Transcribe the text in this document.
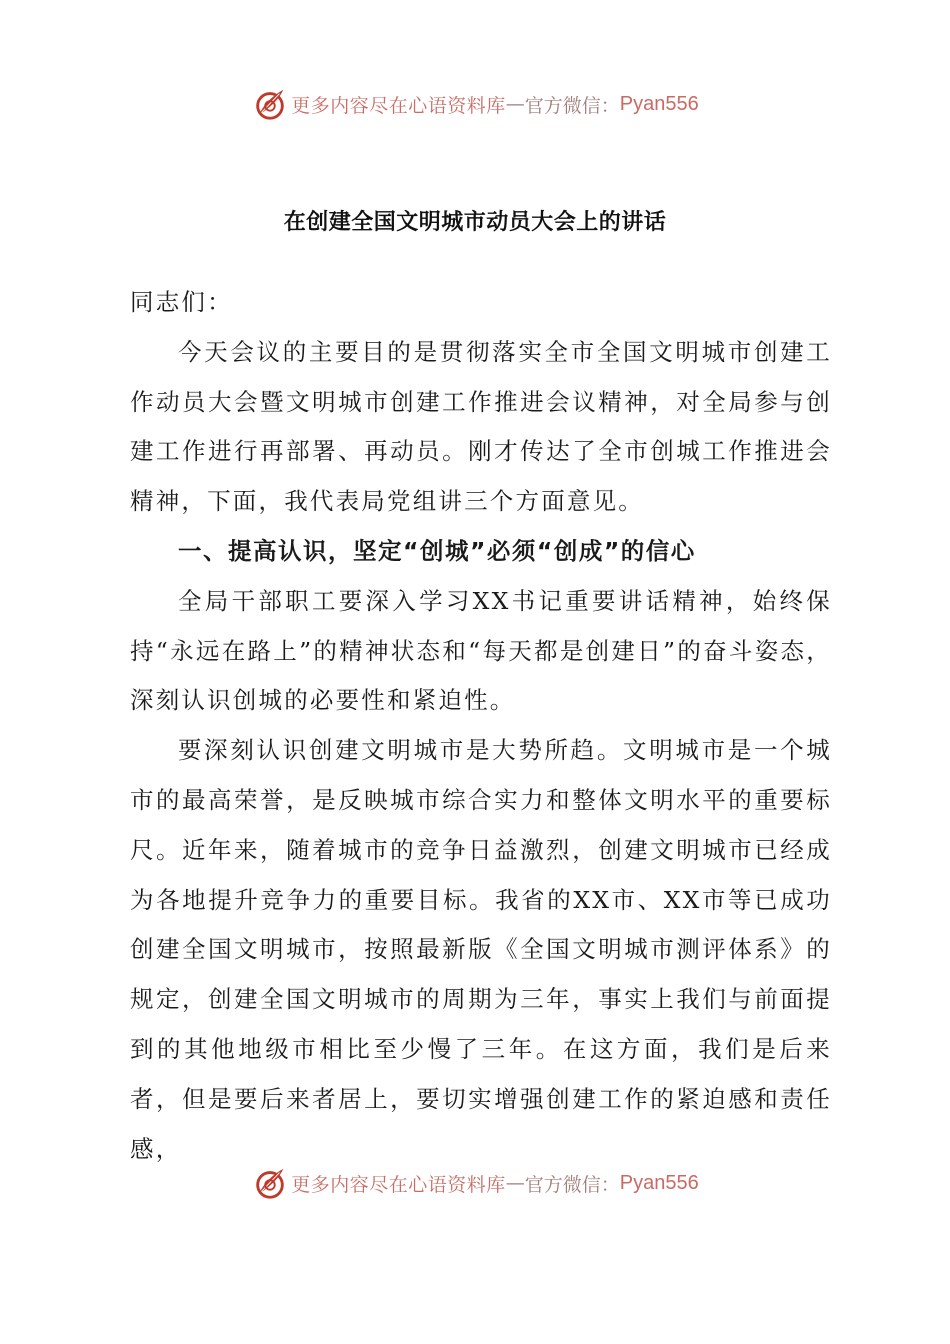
更多内容尽在心语资料库 — 官方微信： Pyan556
在创建全国文明城市动员大会上的讲话

同志们：

今天会议的主要目的是贯彻落实全市全国文明城市创建工作动员大会暨文明城市创建工作推进会议精神，对全局参与创建工作进行再部署、再动员。刚才传达了全市创城工作推进会精神，下面，我代表局党组讲三个方面意见。

一、提高认识，坚定“创城”必须“创成”的信心

全局干部职工要深入学习XX书记重要讲话精神，始终保持“永远在路上”的精神状态和“每天都是创建日”的奋斗姿态，深刻认识创城的必要性和紧迫性。

要深刻认识创建文明城市是大势所趋。文明城市是一个城市的最高荣誉，是反映城市综合实力和整体文明水平的重要标尺。近年来，随着城市的竞争日益激烈，创建文明城市已经成为各地提升竞争力的重要目标。我省的XX市、XX市等已成功创建全国文明城市，按照最新版《全国文明城市测评体系》的规定，创建全国文明城市的周期为三年，事实上我们与前面提到的其他地级市相比至少慢了三年。在这方面，我们是后来者，但是要后来者居上，要切实增强创建工作的紧迫感和责任感，

更多内容尽在心语资料库 — 官方微信： Pyan556
